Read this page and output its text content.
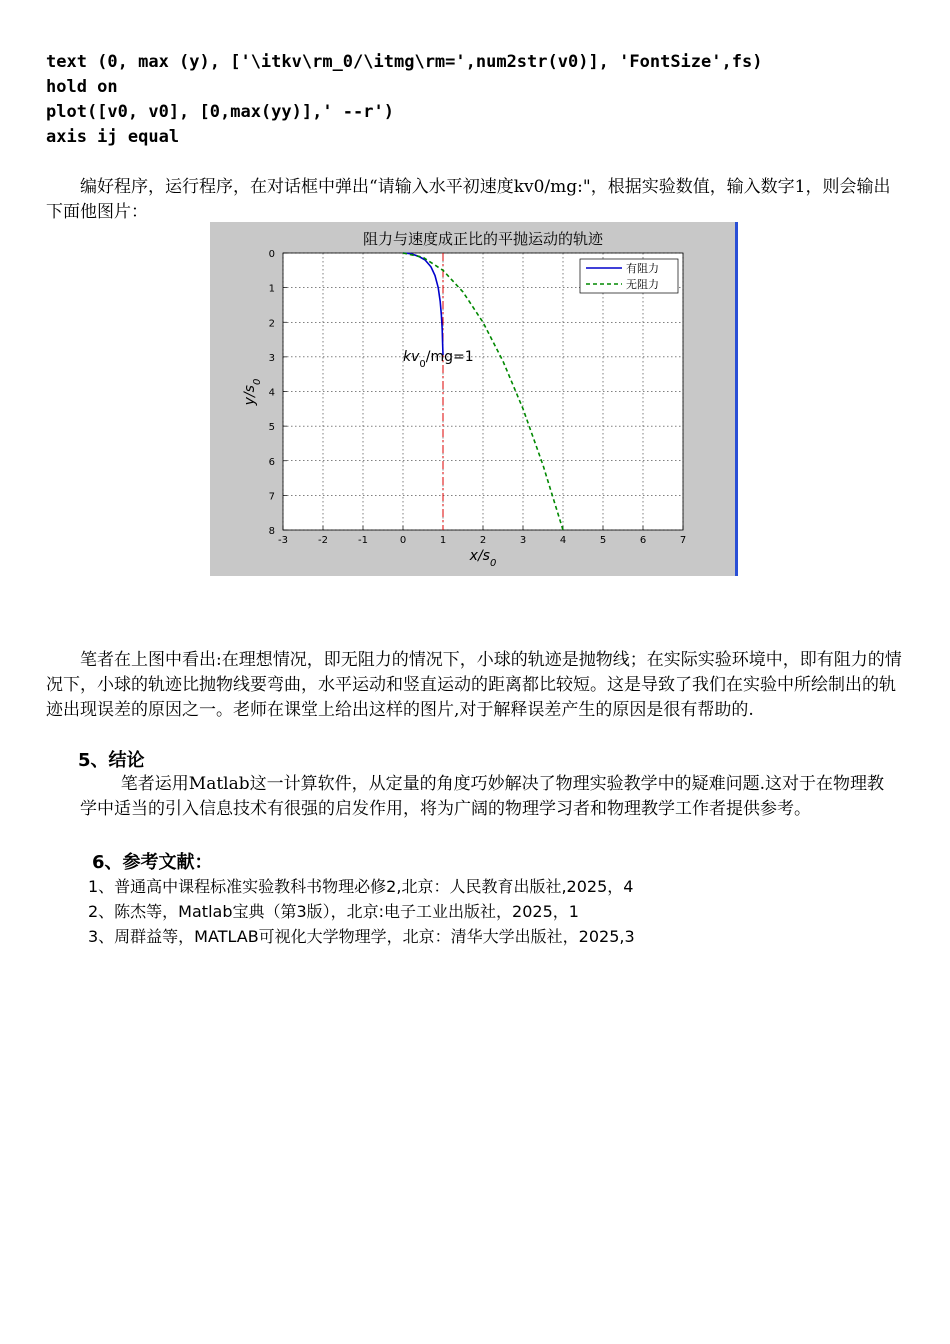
text (0, max (y), ['\itkv\rm_0/\itmg\rm=',num2str(v0)], 'FontSize',fs)
hold on
plot([v0, v0], [0,max(yy)],' --r')
axis ij equal
编好程序，运行程序，在对话框中弹出“请输入水平初速度kv0/mg:"，根据实验数值，输入数字1，则会输出下面他图片：
-3	-2	-1	0	1	2	3	4	5	6	7
0
1
2
3
4
5
6
7
8
阻力与速度成正比的平抛运动的轨迹
$x/s_0$
$y/s_0$
$kv_0/mg=1$
有阻力
无阻力
笔者在上图中看出:在理想情况，即无阻力的情况下，小球的轨迹是抛物线；在实际实验环境中，即有阻力的情况下，小球的轨迹比抛物线要弯曲，水平运动和竖直运动的距离都比较短。这是导致了我们在实验中所绘制出的轨迹出现误差的原因之一。老师在课堂上给出这样的图片,对于解释误差产生的原因是很有帮助的.
5、结论
笔者运用Matlab这一计算软件，从定量的角度巧妙解决了物理实验教学中的疑难问题.这对于在物理教学中适当的引入信息技术有很强的启发作用，将为广阔的物理学习者和物理教学工作者提供参考。
6、参考文献：
1、普通高中课程标准实验教科书物理必修2,北京：人民教育出版社,2025，4
2、陈杰等，Matlab宝典（第3版），北京:电子工业出版社，2025，1
3、周群益等，MATLAB可视化大学物理学，北京：清华大学出版社，2025,3
